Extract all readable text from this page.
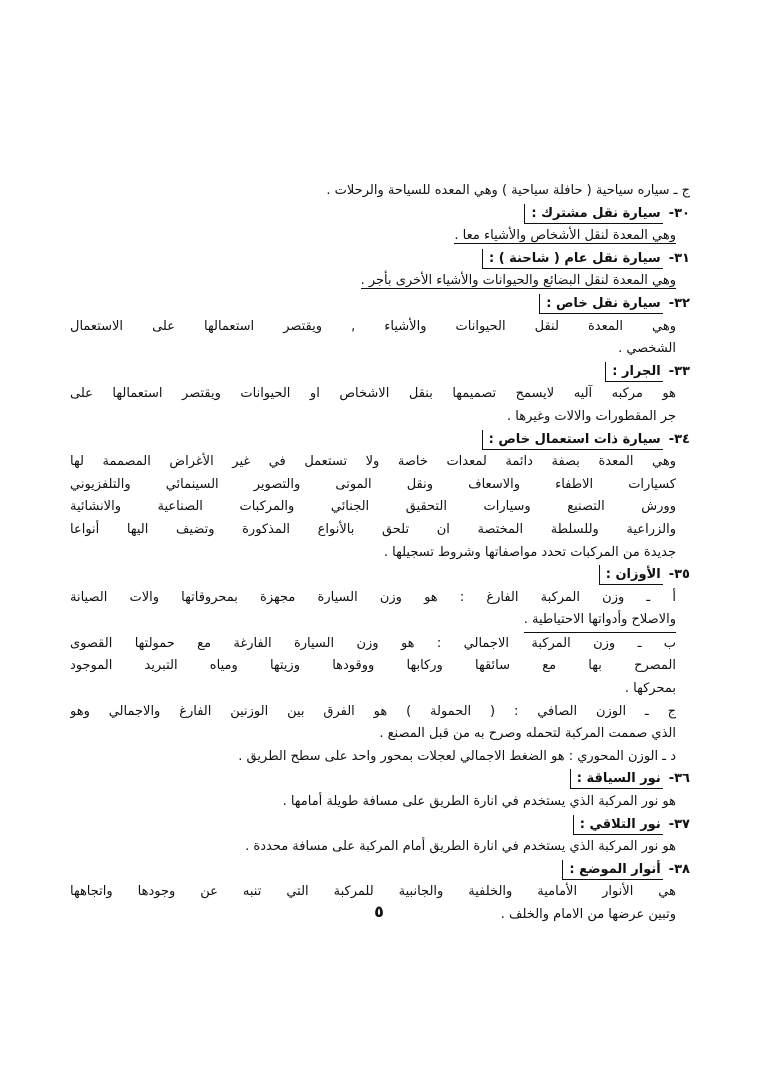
ج ـ سياره سياحية ( حافلة سياحية ) وهي المعده للسياحة والرحلات .
٣٠-سيارة نقل مشترك :
وهي المعدة لنقل الأشخاص والأشياء معا .
٣١-سيارة نقل عام ( شاحنة ) :
وهي المعدة لنقل البضائع والحيوانات والأشياء الأخرى بأجر .
٣٢-سيارة نقل خاص :
وهي المعدة لنقل الحيوانات والأشياء , ويقتصر استعمالها على الاستعمال
الشخصي .
٣٣-الجرار :
هو مركبه آليه لايسمح تصميمها بنقل الاشخاص او الحيوانات ويقتصر استعمالها على
جر المقطورات والالات وغيرها .
٣٤-سيارة ذات استعمال خاص :
وهي المعدة بصفة دائمة لمعدات خاصة ولا تستعمل في غير الأغراض المصممة لها
كسيارات الاطفاء والاسعاف ونقل الموتى والتصوير السينمائي والتلفزيوني
وورش التصنيع وسيارات التحقيق الجنائي والمركبات الصناعية والانشائية
والزراعية وللسلطة المختصة ان تلحق بالأنواع المذكورة وتضيف اليها أنواعا
جديدة من المركبات تحدد مواصفاتها وشروط تسجيلها .
٣٥-الأوزان :
أ ـ وزن المركبة الفارغ : هو وزن السيارة مجهزة بمحروقاتها والات الصيانة
والاصلاح وأدواتها الاحتياطية .
ب ـ وزن المركبة الاجمالي : هو وزن السيارة الفارغة مع حمولتها القصوى
المصرح بها مع سائقها وركابها ووقودها وزيتها ومياه التبريد الموجود
بمحركها .
ج ـ الوزن الصافي : ( الحمولة ) هو الفرق بين الوزنين الفارغ والاجمالي وهو
الذي صممت المركبة لتحمله وصرح به من قبل المصنع .
د ـ الوزن المحوري : هو الضغط الاجمالي لعجلات بمحور واحد على سطح الطريق .
٣٦-نور السياقة :
هو نور المركبة الذي يستخدم في انارة الطريق على مسافة طويلة أمامها .
٣٧-نور التلاقي :
هو نور المركبة الذي يستخدم في انارة الطريق أمام المركبة على مسافة محددة .
٣٨-أنوار الموضع :
هي الأنوار الأمامية والخلفية والجانبية للمركبة التي تنبه عن وجودها واتجاهها
وتبين عرضها من الامام والخلف .
٥
